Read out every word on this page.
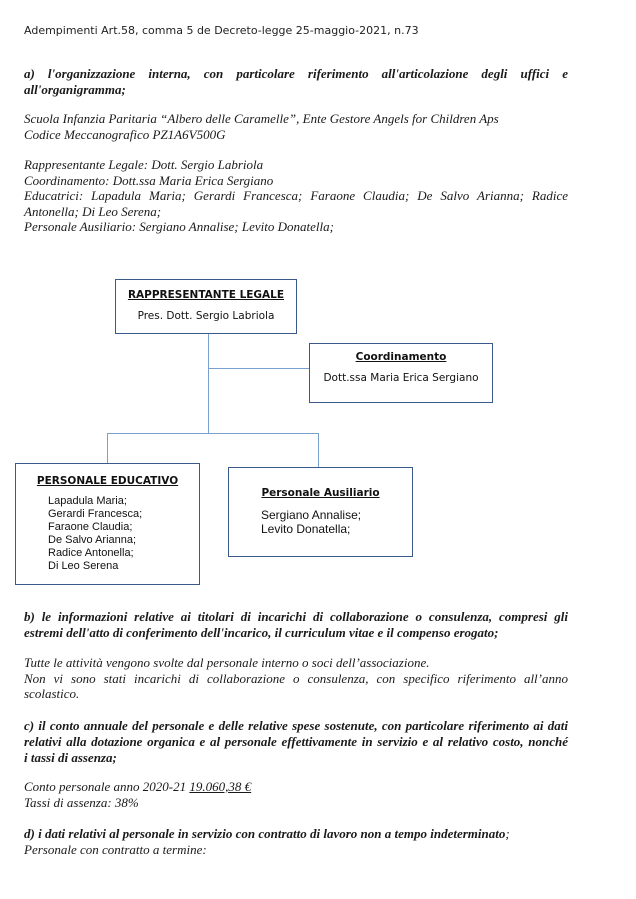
Adempimenti Art.58, comma 5 de Decreto-legge 25-maggio-2021, n.73
a) l'organizzazione interna, con particolare riferimento all'articolazione degli uffici e
all'organigramma;
Scuola Infanzia Paritaria “Albero delle Caramelle”, Ente Gestore Angels for Children Aps
Codice Meccanografico PZ1A6V500G
Rappresentante Legale: Dott. Sergio Labriola
Coordinamento: Dott.ssa Maria Erica Sergiano
Educatrici: Lapadula Maria; Gerardi Francesca; Faraone Claudia; De Salvo Arianna; Radice
Antonella; Di Leo Serena;
Personale Ausiliario: Sergiano Annalise; Levito Donatella;
RAPPRESENTANTE LEGALE
Pres. Dott. Sergio Labriola
Coordinamento
Dott.ssa Maria Erica Sergiano
PERSONALE EDUCATIVO
Lapadula Maria;
Gerardi Francesca;
Faraone Claudia;
De Salvo Arianna;
Radice Antonella;
Di Leo Serena
Personale Ausiliario
Sergiano Annalise;
Levito Donatella;
b) le informazioni relative ai titolari di incarichi di collaborazione o consulenza, compresi gli
estremi dell'atto di conferimento dell'incarico, il curriculum vitae e il compenso erogato;
Tutte le attività vengono svolte dal personale interno o soci dell’associazione.
Non vi sono stati incarichi di collaborazione o consulenza, con specifico riferimento all’anno
scolastico.
c) il conto annuale del personale e delle relative spese sostenute, con particolare riferimento ai dati
relativi alla dotazione organica e al personale effettivamente in servizio e al relativo costo, nonché
i tassi di assenza;
Conto personale anno 2020-21 19.060,38 €
Tassi di assenza: 38%
d) i dati relativi al personale in servizio con contratto di lavoro non a tempo indeterminato;
Personale con contratto a termine:
